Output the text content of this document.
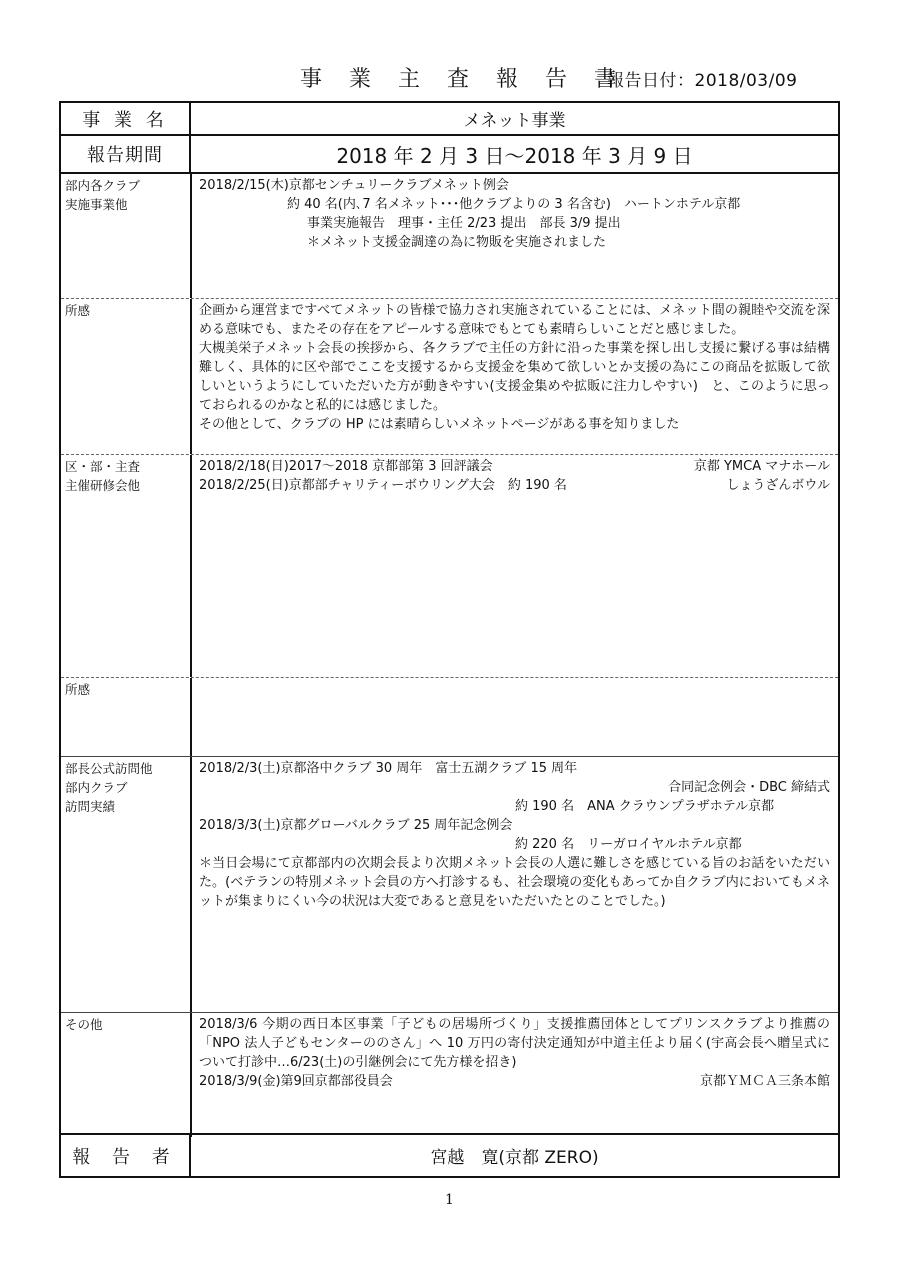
事 業 主 査 報 告 書
報告日付：2018/03/09
事 業 名	メネット事業
報告期間	2018 年 2 月 3 日〜2018 年 3 月 9 日
部内各クラブ
実施事業他
2018/2/15(木)京都センチュリークラブメネット例会
約 40 名(内､7 名メネット･･･他クラブよりの 3 名含む)　ハートンホテル京都
事業実施報告　理事・主任 2/23 提出　部長 3/9 提出
＊メネット支援金調達の為に物販を実施されました
所感	企画から運営まですべてメネットの皆様で協力され実施されていることには、メネット間の親睦や交流を深める意味でも、またその存在をアピールする意味でもとても素晴らしいことだと感じました。
大槻美栄子メネット会長の挨拶から、各クラブで主任の方針に沿った事業を探し出し支援に繋げる事は結構難しく、具体的に区や部でここを支援するから支援金を集めて欲しいとか支援の為にこの商品を拡販して欲しいというようにしていただいた方が動きやすい(支援金集めや拡販に注力しやすい)　と、このように思っておられるのかなと私的には感じました。
その他として、クラブの HP には素晴らしいメネットページがある事を知りました
区・部・主査
主催研修会他
2018/2/18(日)2017〜2018 京都部第 3 回評議会	京都 YMCA マナホール
2018/2/25(日)京都部チャリティーボウリング大会　約 190 名	しょうざんボウル
所感
部長公式訪問他
部内クラブ
訪問実績
2018/2/3(土)京都洛中クラブ 30 周年　富士五湖クラブ 15 周年
合同記念例会・DBC 締結式
約 190 名　ANA クラウンプラザホテル京都
2018/3/3(土)京都グローバルクラブ 25 周年記念例会
約 220 名　リーガロイヤルホテル京都
＊当日会場にて京都部内の次期会長より次期メネット会長の人選に難しさを感じている旨のお話をいただいた。(ベテランの特別メネット会員の方へ打診するも、社会環境の変化もあってか自クラブ内においてもメネットが集まりにくい今の状況は大変であると意見をいただいたとのことでした。)
その他	2018/3/6 今期の西日本区事業「子どもの居場所づくり」支援推薦団体としてプリンスクラブより推薦の「NPO 法人子どもセンターののさん」へ 10 万円の寄付決定通知が中道主任より届く(宇高会長へ贈呈式について打診中…6/23(土)の引継例会にて先方様を招き)
2018/3/9(金)第9回京都部役員会	京都ＹＭＣＡ三条本館
報 告 者	宮越　寛(京都 ZERO)
1
